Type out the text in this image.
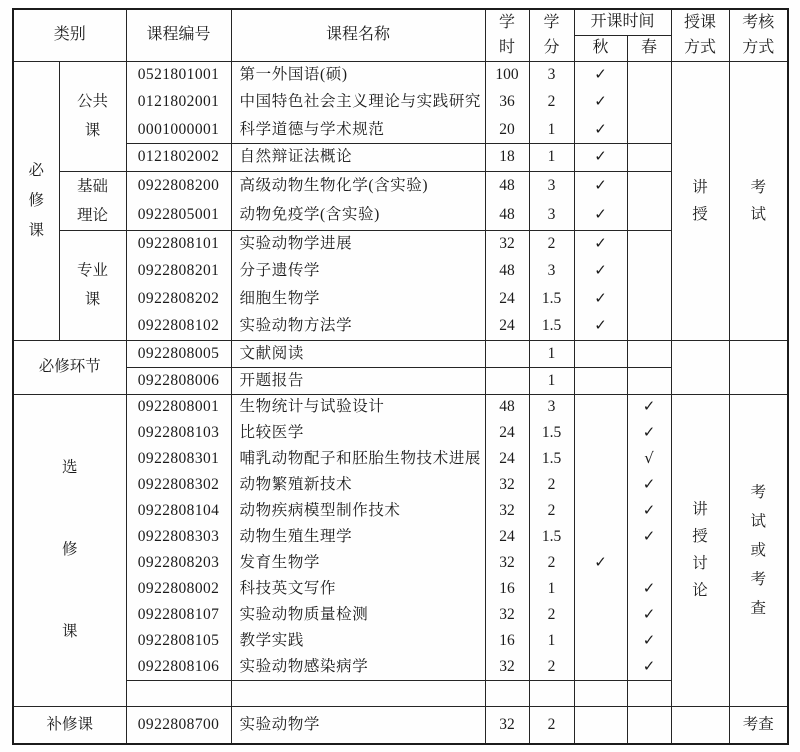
类别		课程编号	课程名称	学时	学分	开课时间		授课方式	考核方式

						秋	春		

必修课	公共课	0521801001	第一外国语(硕)	100	3	✓		讲授	考试

		0121802001	中国特色社会主义理论与实践研究	36	2	✓			
		0001000001	科学道德与学术规范	20	1	✓			
		0121802002	自然辩证法概论	18	1	✓			

	基础理论	0922808200	高级动物生物化学(含实验)	48	3	✓			
		0922805001	动物免疫学(含实验)	48	3	✓			

	专业课	0922808101	实验动物学进展	32	2	✓			
		0922808201	分子遗传学	48	3	✓			
		0922808202	细胞生物学	24	1.5	✓			
		0922808102	实验动物方法学	24	1.5	✓			
必修环节		0922808005	文献阅读		1				
		0922808006	开题报告		1				

选修课		0922808001	生物统计与试验设计	48	3		✓	讲授讨论	考试或考查

		0922808103	比较医学	24	1.5		✓		
		0922808301	哺乳动物配子和胚胎生物技术进展	24	1.5		√		
		0922808302	动物繁殖新技术	32	2		✓		
		0922808104	动物疾病模型制作技术	32	2		✓		
		0922808303	动物生殖生理学	24	1.5		✓		
		0922808203	发育生物学	32	2	✓			
		0922808002	科技英文写作	16	1		✓		
		0922808107	实验动物质量检测	32	2		✓		
		0922808105	教学实践	16	1		✓		
		0922808106	实验动物感染病学	32	2		✓		

补修课		0922808700	实验动物学	32	2				考查
